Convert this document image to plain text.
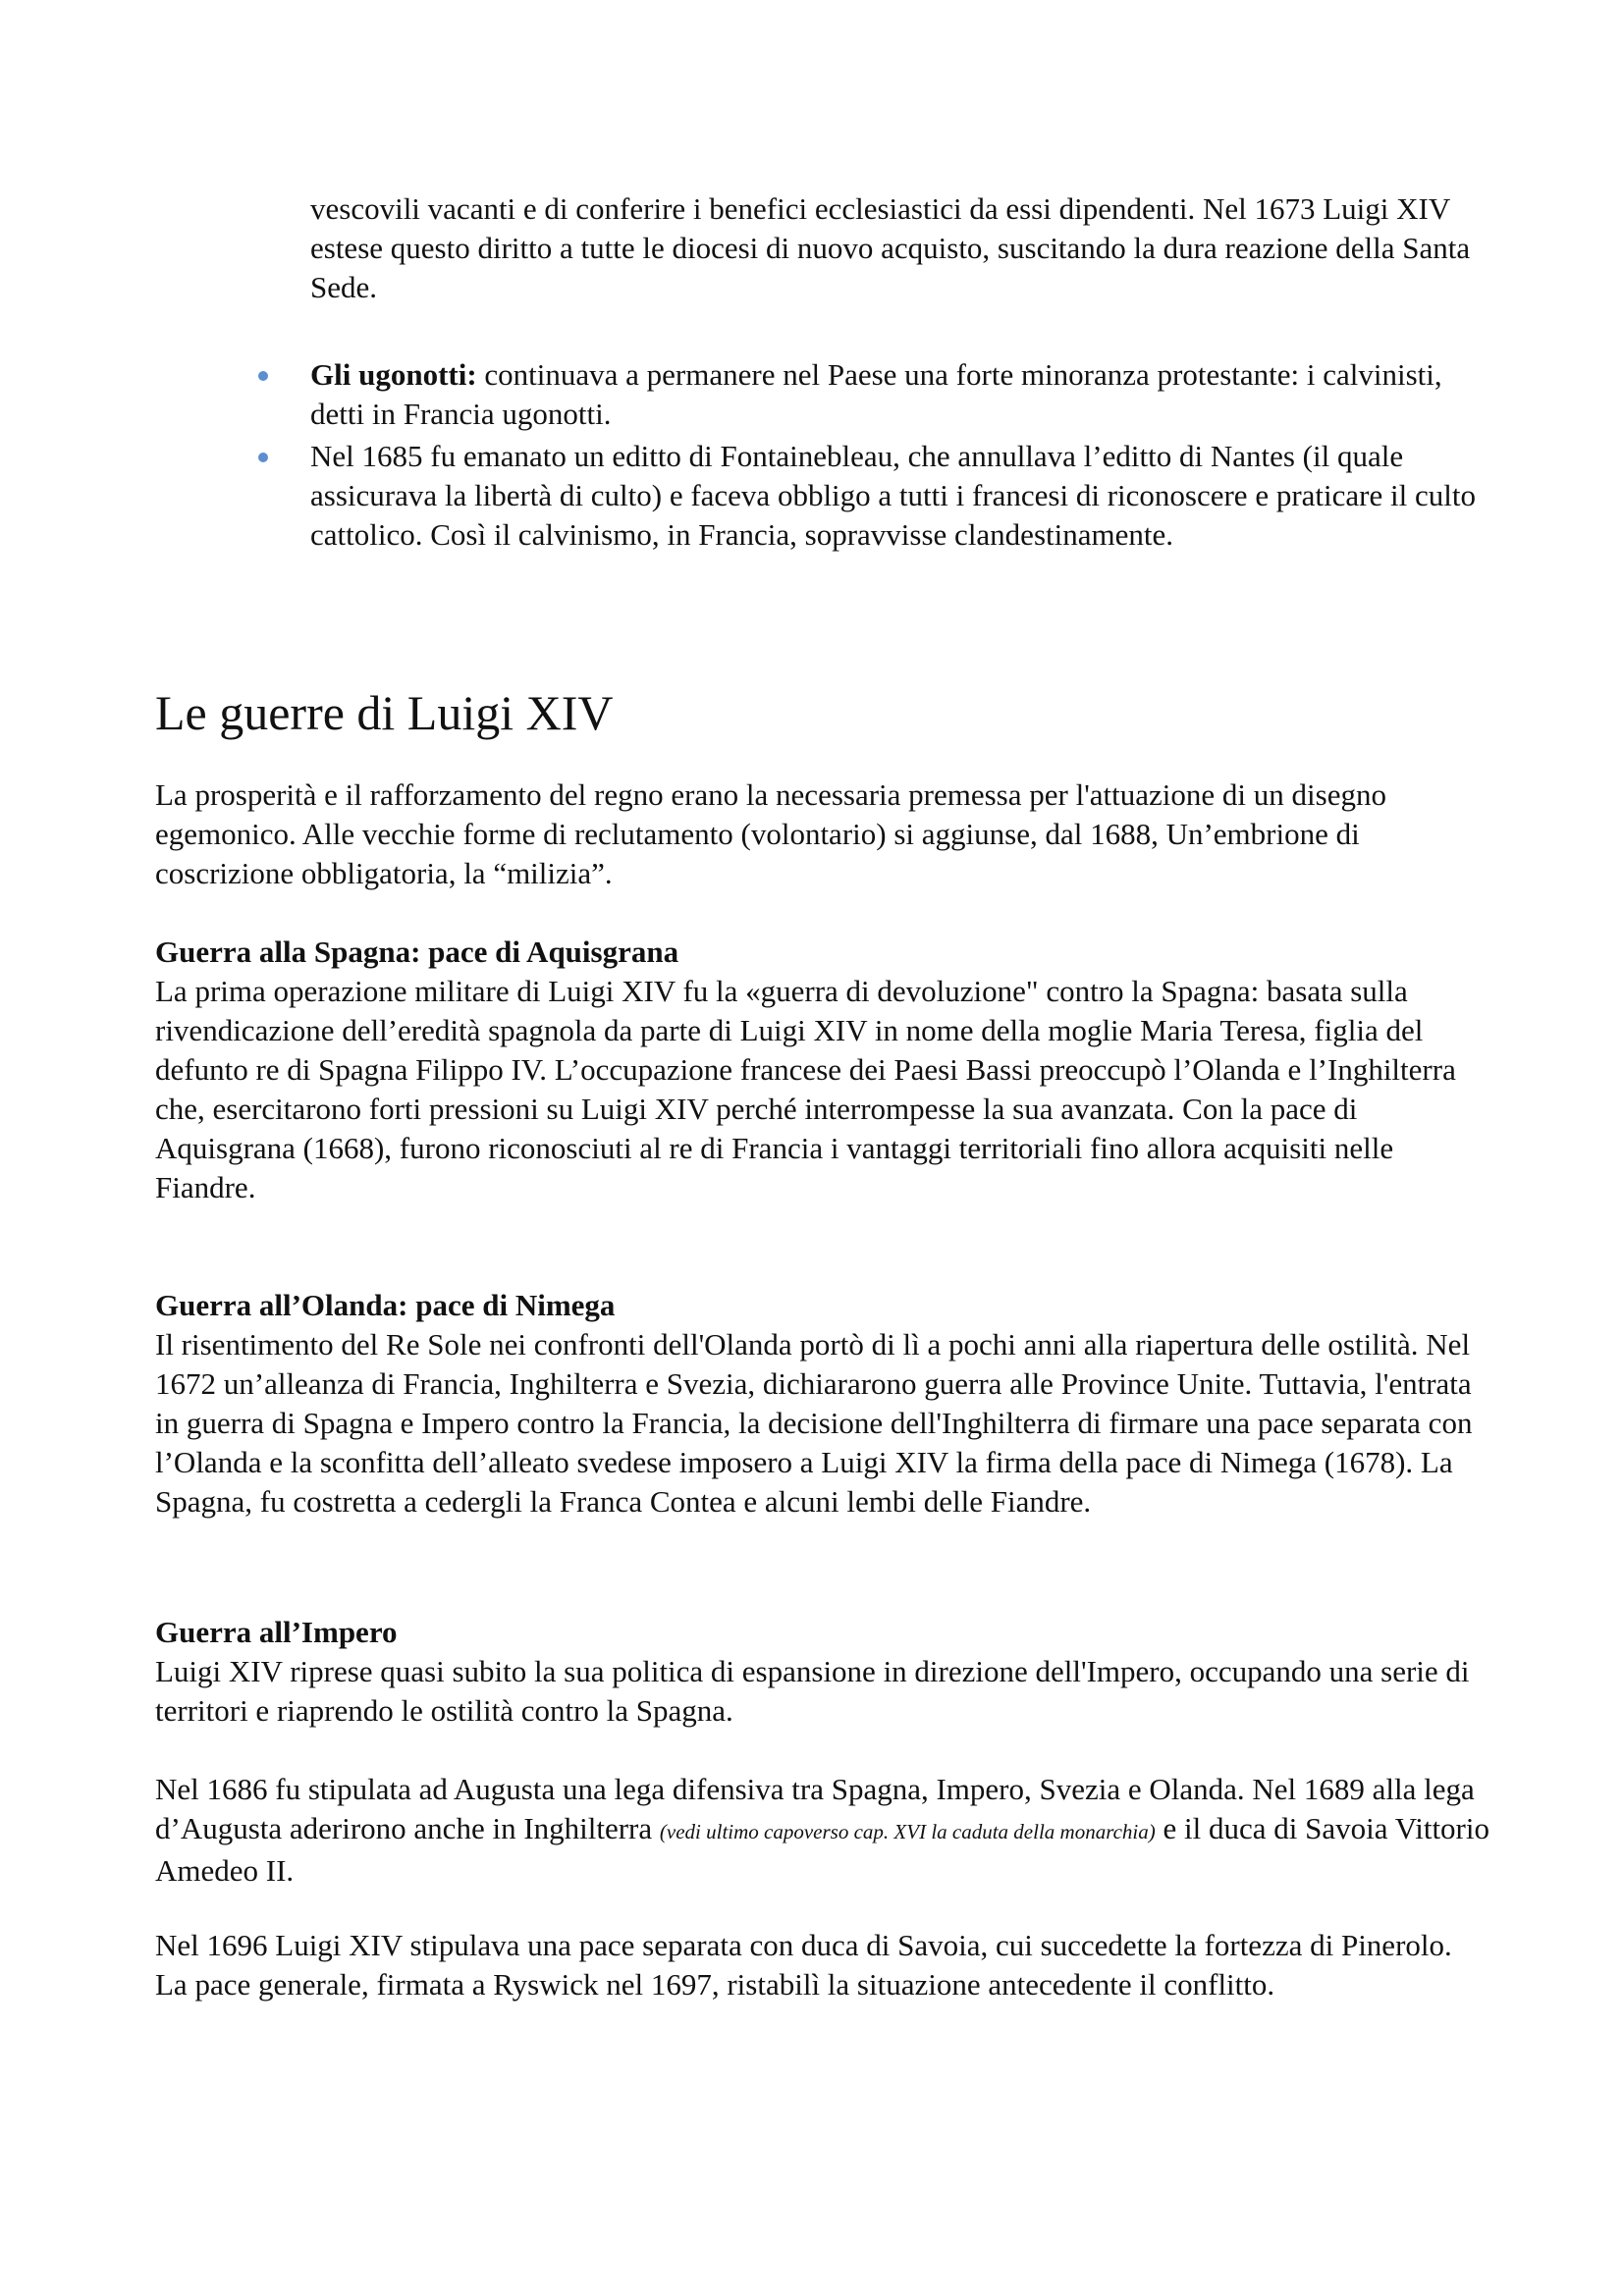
vescovili vacanti e di conferire i benefici ecclesiastici da essi dipendenti. Nel 1673 Luigi XIV estese questo diritto a tutte le diocesi di nuovo acquisto, suscitando la dura reazione della Santa Sede.

Gli ugonotti: continuava a permanere nel Paese una forte minoranza protestante: i calvinisti, detti in Francia ugonotti.
Nel 1685 fu emanato un editto di Fontainebleau, che annullava l’editto di Nantes (il quale assicurava la libertà di culto) e faceva obbligo a tutti i francesi di riconoscere e praticare il culto cattolico. Così il calvinismo, in Francia, sopravvisse clandestinamente.
Le guerre di Luigi XIV

La prosperità e il rafforzamento del regno erano la necessaria premessa per l'attuazione di un disegno egemonico. Alle vecchie forme di reclutamento (volontario) si aggiunse, dal 1688, Un’embrione di coscrizione obbligatoria, la “milizia”.

Guerra alla Spagna: pace di Aquisgrana

La prima operazione militare di Luigi XIV fu la «guerra di devoluzione" contro la Spagna: basata sulla rivendicazione dell’eredità spagnola da parte di Luigi XIV in nome della moglie Maria Teresa, figlia del defunto re di Spagna Filippo IV. L’occupazione francese dei Paesi Bassi preoccupò l’Olanda e l’Inghilterra che, esercitarono forti pressioni su Luigi XIV perché interrompesse la sua avanzata. Con la pace di Aquisgrana (1668), furono riconosciuti al re di Francia i vantaggi territoriali fino allora acquisiti nelle Fiandre.

Guerra all’Olanda: pace di Nimega

Il risentimento del Re Sole nei confronti dell'Olanda portò di lì a pochi anni alla riapertura delle ostilità. Nel 1672 un’alleanza di Francia, Inghilterra e Svezia, dichiararono guerra alle Province Unite. Tuttavia, l'entrata in guerra di Spagna e Impero contro la Francia, la decisione dell'Inghilterra di firmare una pace separata con l’Olanda e la sconfitta dell’alleato svedese imposero a Luigi XIV la firma della pace di Nimega (1678). La Spagna, fu costretta a cedergli la Franca Contea e alcuni lembi delle Fiandre.

Guerra all’Impero

Luigi XIV riprese quasi subito la sua politica di espansione in direzione dell'Impero, occupando una serie di territori e riaprendo le ostilità contro la Spagna.

Nel 1686 fu stipulata ad Augusta una lega difensiva tra Spagna, Impero, Svezia e Olanda. Nel 1689 alla lega d’Augusta aderirono anche in Inghilterra (vedi ultimo capoverso cap. XVI la caduta della monarchia) e il duca di Savoia Vittorio Amedeo II.

Nel 1696 Luigi XIV stipulava una pace separata con duca di Savoia, cui succedette la fortezza di Pinerolo. La pace generale, firmata a Ryswick nel 1697, ristabilì la situazione antecedente il conflitto.
